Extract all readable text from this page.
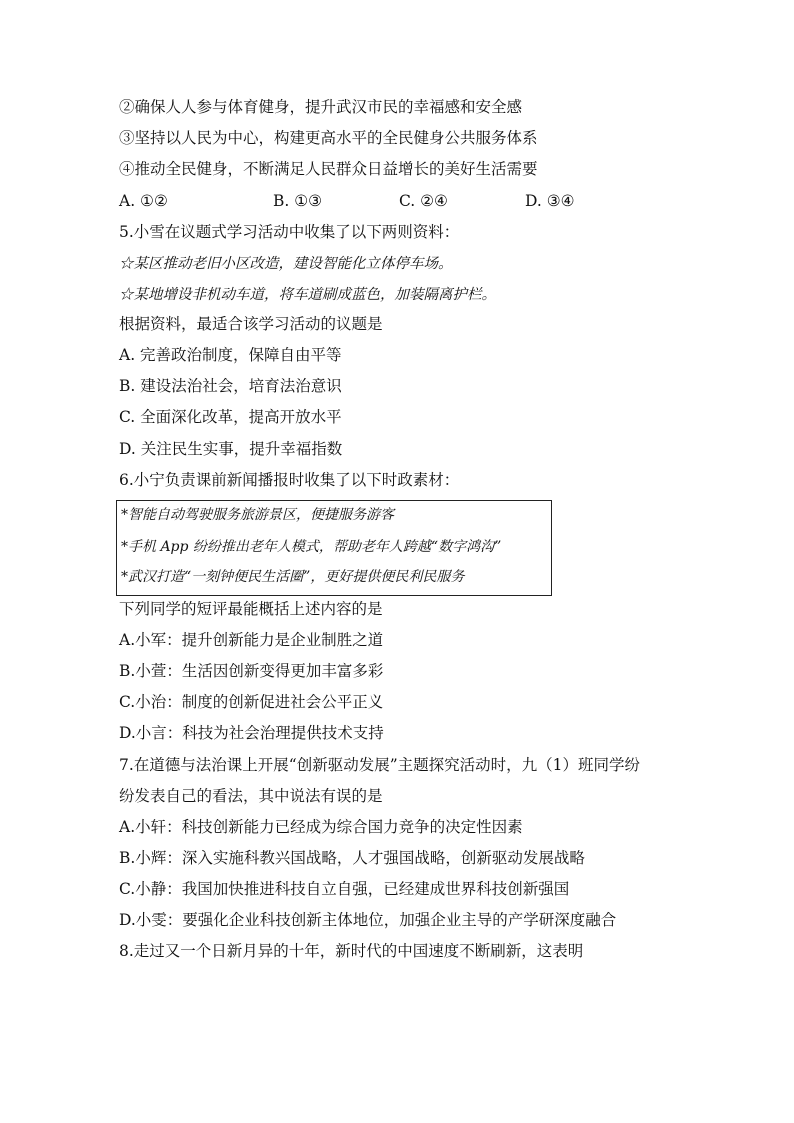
②确保人人参与体育健身，提升武汉市民的幸福感和安全感
③坚持以人民为中心，构建更高水平的全民健身公共服务体系
④推动全民健身，不断满足人民群众日益增长的美好生活需要
A. ①②	B. ①③	C. ②④	D. ③④
5.小雪在议题式学习活动中收集了以下两则资料：
☆某区推动老旧小区改造，建设智能化立体停车场。
☆某地增设非机动车道，将车道刷成蓝色，加装隔离护栏。
根据资料，最适合该学习活动的议题是
A. 完善政治制度，保障自由平等
B. 建设法治社会，培育法治意识
C. 全面深化改革，提高开放水平
D. 关注民生实事，提升幸福指数
6.小宁负责课前新闻播报时收集了以下时政素材：
*智能自动驾驶服务旅游景区，便捷服务游客
*手机 App 纷纷推出老年人模式，帮助老年人跨越“数字鸿沟”
*武汉打造“一刻钟便民生活圈”，更好提供便民利民服务
下列同学的短评最能概括上述内容的是
A.小军：提升创新能力是企业制胜之道
B.小萱：生活因创新变得更加丰富多彩
C.小治：制度的创新促进社会公平正义
D.小言：科技为社会治理提供技术支持
7.在道德与法治课上开展“创新驱动发展”主题探究活动时，九（1）班同学纷
纷发表自己的看法，其中说法有误的是
A.小轩：科技创新能力已经成为综合国力竞争的决定性因素
B.小辉：深入实施科教兴国战略，人才强国战略，创新驱动发展战略
C.小静：我国加快推进科技自立自强，已经建成世界科技创新强国
D.小雯：要强化企业科技创新主体地位，加强企业主导的产学研深度融合
8.走过又一个日新月异的十年，新时代的中国速度不断刷新，这表明
